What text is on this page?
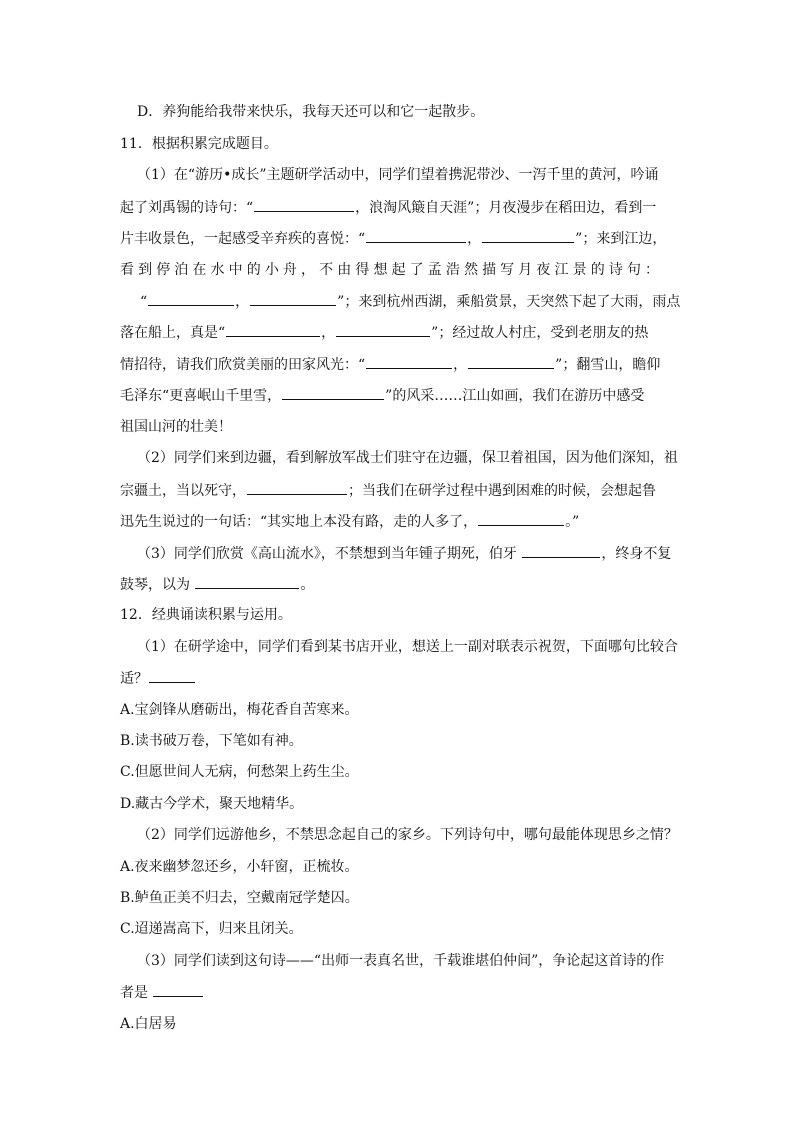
D．养狗能给我带来快乐，我每天还可以和它一起散步。
11．根据积累完成题目。
（1）在“游历•成长”主题研学活动中，同学们望着携泥带沙、一泻千里的黄河，吟诵
起了刘禹锡的诗句：“	，浪淘风簸自天涯”；月夜漫步在稻田边，看到一
片丰收景色，一起感受辛弃疾的喜悦：“	，	”；来到江边，
看到停泊在水中的小舟，不由得想起了孟浩然描写月夜江景的诗句：
“	，	”；来到杭州西湖，乘船赏景，天突然下起了大雨，雨点
落在船上，真是“	，	”；经过故人村庄，受到老朋友的热
情招待，请我们欣赏美丽的田家风光：“	，	”；翻雪山，瞻仰
毛泽东“更喜岷山千里雪，	”的风采……江山如画，我们在游历中感受
祖国山河的壮美！
（2）同学们来到边疆，看到解放军战士们驻守在边疆，保卫着祖国，因为他们深知，祖
宗疆土，当以死守，	；当我们在研学过程中遇到困难的时候，会想起鲁
迅先生说过的一句话：“其实地上本没有路，走的人多了，	。”
（3）同学们欣赏《高山流水》，不禁想到当年锺子期死，伯牙	，终身不复
鼓琴，以为	。
12．经典诵读积累与运用。
（1）在研学途中，同学们看到某书店开业，想送上一副对联表示祝贺，下面哪句比较合
适？
A.宝剑锋从磨砺出，梅花香自苦寒来。
B.读书破万卷，下笔如有神。
C.但愿世间人无病，何愁架上药生尘。
D.藏古今学术，聚天地精华。
（2）同学们远游他乡，不禁思念起自己的家乡。下列诗句中，哪句最能体现思乡之情？
A.夜来幽梦忽还乡，小轩窗，正梳妆。
B.鲈鱼正美不归去，空戴南冠学楚囚。
C.迢递嵩高下，归来且闭关。
（3）同学们读到这句诗——“出师一表真名世，千载谁堪伯仲间”，争论起这首诗的作
者是
A.白居易
